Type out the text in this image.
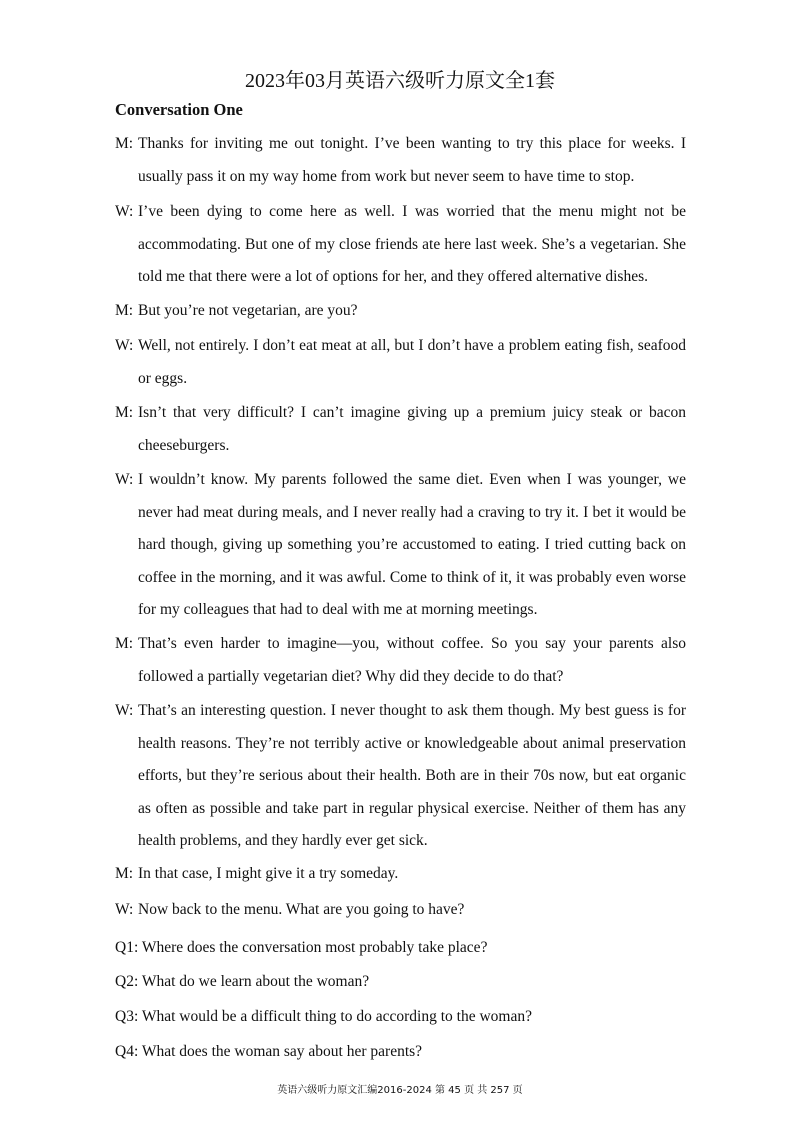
2023年03月英语六级听力原文全1套
Conversation One
M: Thanks for inviting me out tonight. I’ve been wanting to try this place for weeks. I usually pass it on my way home from work but never seem to have time to stop.
W: I’ve been dying to come here as well. I was worried that the menu might not be accommodating. But one of my close friends ate here last week. She’s a vegetarian. She told me that there were a lot of options for her, and they offered alternative dishes.
M: But you’re not vegetarian, are you?
W: Well, not entirely. I don’t eat meat at all, but I don’t have a problem eating fish, seafood or eggs.
M: Isn’t that very difficult? I can’t imagine giving up a premium juicy steak or bacon cheeseburgers.
W: I wouldn’t know. My parents followed the same diet. Even when I was younger, we never had meat during meals, and I never really had a craving to try it. I bet it would be hard though, giving up something you’re accustomed to eating. I tried cutting back on coffee in the morning, and it was awful. Come to think of it, it was probably even worse for my colleagues that had to deal with me at morning meetings.
M: That’s even harder to imagine—you, without coffee. So you say your parents also followed a partially vegetarian diet? Why did they decide to do that?
W: That’s an interesting question. I never thought to ask them though. My best guess is for health reasons. They’re not terribly active or knowledgeable about animal preservation efforts, but they’re serious about their health. Both are in their 70s now, but eat organic as often as possible and take part in regular physical exercise. Neither of them has any health problems, and they hardly ever get sick.
M: In that case, I might give it a try someday.
W: Now back to the menu. What are you going to have?
Q1: Where does the conversation most probably take place?
Q2: What do we learn about the woman?
Q3: What would be a difficult thing to do according to the woman?
Q4: What does the woman say about her parents?
英语六级听力原文汇编2016-2024 第 45 页 共 257 页
